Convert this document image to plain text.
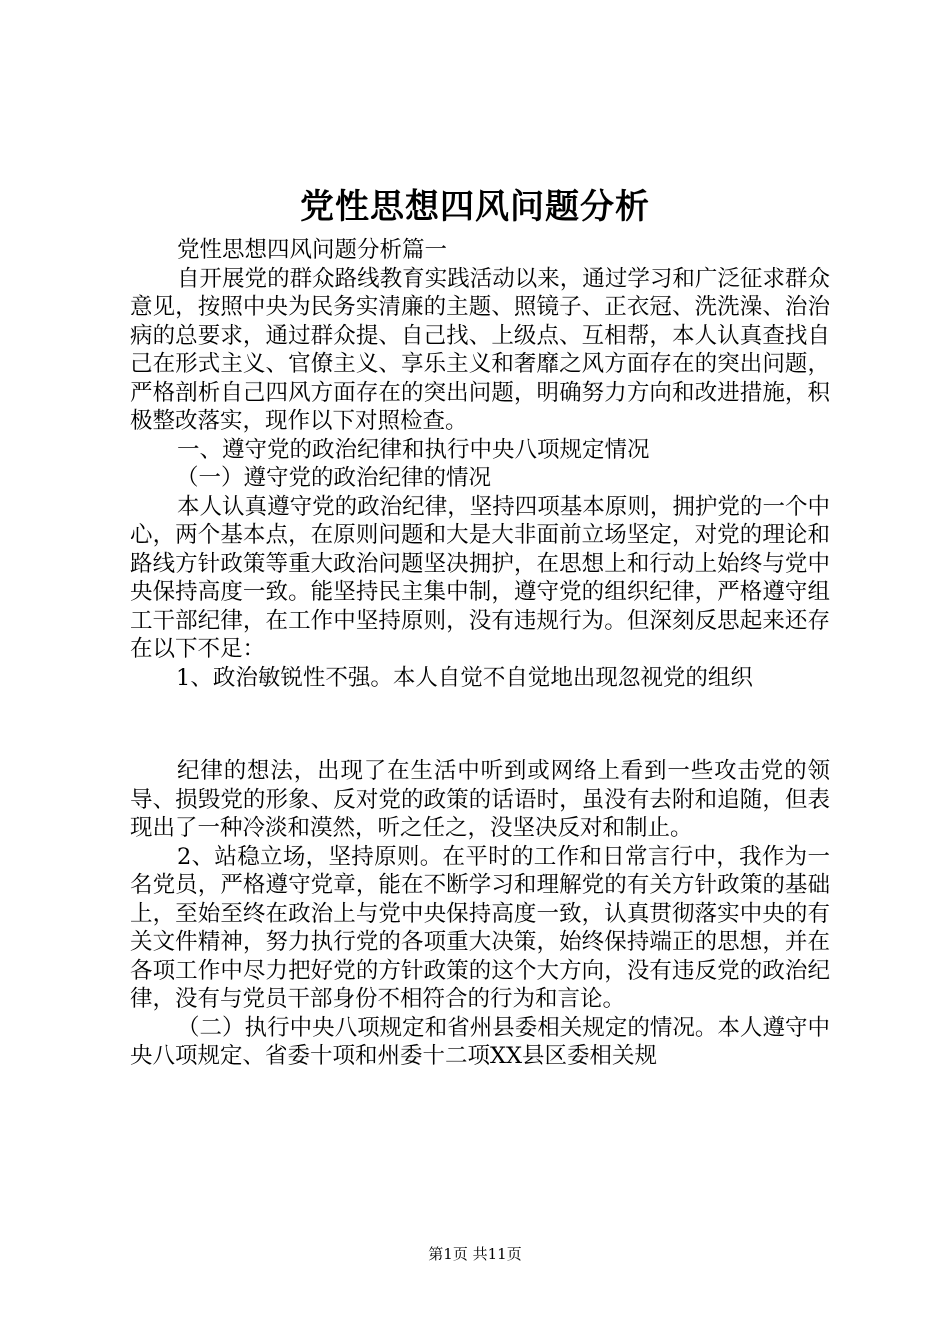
党性思想四风问题分析

党性思想四风问题分析篇一

自开展党的群众路线教育实践活动以来，通过学习和广泛征求群众意见，按照中央为民务实清廉的主题、照镜子、正衣冠、洗洗澡、治治病的总要求，通过群众提、自己找、上级点、互相帮，本人认真查找自己在形式主义、官僚主义、享乐主义和奢靡之风方面存在的突出问题，严格剖析自己四风方面存在的突出问题，明确努力方向和改进措施，积极整改落实，现作以下对照检查。

一、遵守党的政治纪律和执行中央八项规定情况

（一）遵守党的政治纪律的情况

本人认真遵守党的政治纪律，坚持四项基本原则，拥护党的一个中心，两个基本点，在原则问题和大是大非面前立场坚定，对党的理论和路线方针政策等重大政治问题坚决拥护，在思想上和行动上始终与党中央保持高度一致。能坚持民主集中制，遵守党的组织纪律，严格遵守组工干部纪律，在工作中坚持原则，没有违规行为。但深刻反思起来还存在以下不足：

1、政治敏锐性不强。本人自觉不自觉地出现忽视党的组织

纪律的想法，出现了在生活中听到或网络上看到一些攻击党的领导、损毁党的形象、反对党的政策的话语时，虽没有去附和追随，但表现出了一种冷淡和漠然，听之任之，没坚决反对和制止。

2、站稳立场，坚持原则。在平时的工作和日常言行中，我作为一名党员，严格遵守党章，能在不断学习和理解党的有关方针政策的基础上，至始至终在政治上与党中央保持高度一致，认真贯彻落实中央的有关文件精神，努力执行党的各项重大决策，始终保持端正的思想，并在各项工作中尽力把好党的方针政策的这个大方向，没有违反党的政治纪律，没有与党员干部身份不相符合的行为和言论。

（二）执行中央八项规定和省州县委相关规定的情况。本人遵守中央八项规定、省委十项和州委十二项XX县区委相关规

第1页 共11页
